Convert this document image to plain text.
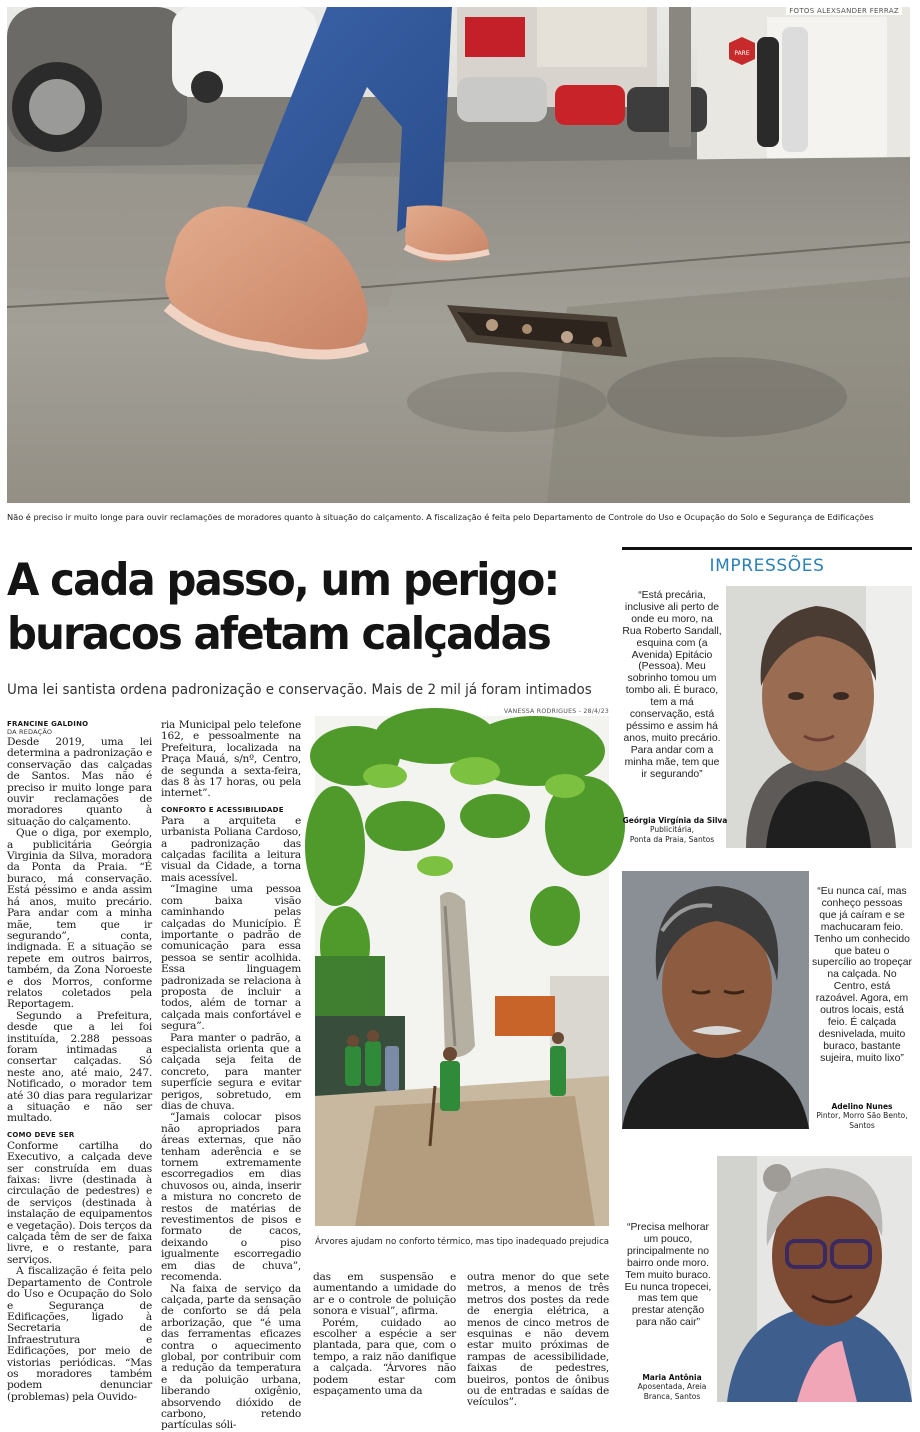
PARE
FOTOS ALEXSANDER FERRAZ
Não é preciso ir muito longe para ouvir reclamações de moradores quanto à situação do calçamento. A fiscalização é feita pelo Departamento de Controle do Uso e Ocupação do Solo e Segurança de Edificações
A cada passo, um perigo:
buracos afetam calçadas
Uma lei santista ordena padronização e conservação. Mais de 2 mil já foram intimados
FRANCINE GALDINO
DA REDAÇÃO

Desde 2019, uma lei determina a padronização e conservação das calçadas de Santos. Mas não é preciso ir muito longe para ouvir reclamações de moradores quanto à situação do calçamento.

Que o diga, por exemplo, a publicitária Geórgia Virginia da Silva, moradora da Ponta da Praia. “É buraco, má conservação. Está péssimo e anda assim há anos, muito precário. Para andar com a minha mãe, tem que ir segurando”, conta, indignada. E a situação se repete em outros bairros, também, da Zona Noroeste e dos Morros, conforme relatos coletados pela Reportagem.

Segundo a Prefeitura, desde que a lei foi instituída, 2.288 pessoas foram intimadas a consertar calçadas. Só neste ano, até maio, 247. Notificado, o morador tem até 30 dias para regularizar a situação e não ser multado.

COMO DEVE SER

Conforme cartilha do Executivo, a calçada deve ser construída em duas faixas: livre (destinada à circulação de pedestres) e de serviços (destinada à instalação de equipamentos e vegetação). Dois terços da calçada têm de ser de faixa livre, e o restante, para serviços.

A fiscalização é feita pelo Departamento de Controle do Uso e Ocupação do Solo e Segurança de Edificações, ligado à Secretaria de Infraestrutura e Edificações, por meio de vistorias periódicas. “Mas os moradores também podem denunciar (problemas) pela Ouvido-

ria Municipal pelo telefone 162, e pessoalmente na Prefeitura, localizada na Praça Mauá, s/nº, Centro, de segunda a sexta-feira, das 8 às 17 horas, ou pela internet”.

CONFORTO E ACESSIBILIDADE

Para a arquiteta e urbanista Poliana Cardoso, a padronização das calçadas facilita a leitura visual da Cidade, a torna mais acessível.

“Imagine uma pessoa com baixa visão caminhando pelas calçadas do Município. É importante o padrão de comunicação para essa pessoa se sentir acolhida. Essa linguagem padronizada se relaciona à proposta de incluir a todos, além de tornar a calçada mais confortável e segura”.

Para manter o padrão, a especialista orienta que a calçada seja feita de concreto, para manter superfície segura e evitar perigos, sobretudo, em dias de chuva.

“Jamais colocar pisos não apropriados para áreas externas, que não tenham aderência e se tornem extremamente escorregadios em dias chuvosos ou, ainda, inserir a mistura no concreto de restos de matérias de revestimentos de pisos e formato de cacos, deixando o piso igualmente escorregadio em dias de chuva”, recomenda.

Na faixa de serviço da calçada, parte da sensação de conforto se dá pela arborização, que “é uma das ferramentas eficazes contra o aquecimento global, por contribuir com a redução da temperatura e da poluição urbana, liberando oxigênio, absorvendo dióxido de carbono, retendo partículas sóli-

VANESSA RODRIGUES - 28/4/23
Árvores ajudam no conforto térmico, mas tipo inadequado prejudica

das em suspensão e aumentando a umidade do ar e o controle de poluição sonora e visual”, afirma.

Porém, cuidado ao escolher a espécie a ser plantada, para que, com o tempo, a raiz não danifique a calçada. “Árvores não podem estar com espaçamento uma da

outra menor do que sete metros, a menos de três metros dos postes da rede de energia elétrica, a menos de cinco metros de esquinas e não devem estar muito próximas de rampas de acessibilidade, faixas de pedestres, bueiros, pontos de ônibus ou de entradas e saídas de veículos”.

IMPRESSÕES
“Está precária, inclusive ali perto de onde eu moro, na Rua Roberto Sandall, esquina com (a Avenida) Epitácio (Pessoa). Meu sobrinho tomou um tombo ali. É buraco, tem a má conservação, está péssimo e assim há anos, muito precário. Para andar com a minha mãe, tem que ir segurando”
Geórgia Virgínia da Silva
Publicitária,
Ponta da Praia, Santos
“Eu nunca caí, mas conheço pessoas que já caíram e se machucaram feio. Tenho um conhecido que bateu o supercílio ao tropeçar na calçada. No Centro, está razoável. Agora, em outros locais, está feio. É calçada desnivelada, muito buraco, bastante sujeira, muito lixo”
Adelino Nunes
Pintor, Morro São Bento,
Santos
“Precisa melhorar um pouco, principalmente no bairro onde moro. Tem muito buraco. Eu nunca tropecei, mas tem que prestar atenção para não cair”
Maria Antônia
Aposentada, Areia
Branca, Santos
